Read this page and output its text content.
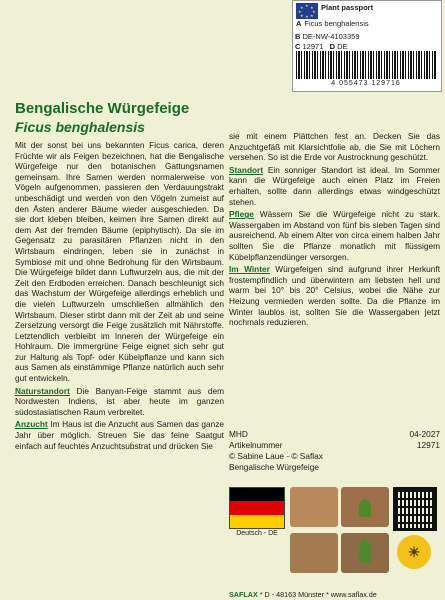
★
★ ★
★	★
★ ★
★
Plant passport
A Ficus benghalensis
4 055473 129716
B DE-NW-4103359
C 12971 D DE
Bengalische Würgefeige
Ficus benghalensis

Mit der sonst bei uns bekannten Ficus carica, deren Früchte wir als Feigen bezeichnen, hat die Bengalische Würgefeige nur den botanischen Gattungsnamen gemeinsam. Ihre Samen werden normalerweise von Vögeln aufgenommen, passieren den Verdauungstrakt unbeschädigt und werden von den Vögeln zumeist auf den Ästen anderer Bäume wieder ausgeschieden. Da sie dort kleben bleiben, keimen ihre Samen direkt auf dem Ast der fremden Bäume (epiphytisch). Da sie im Gegensatz zu parasitären Pflanzen nicht in den Wirtsbaum eindringen, leben sie in zunächst in Symbiose mit und ohne Bedrohung für den Wirtsbaum. Die Würgefeige bildet dann Luftwurzeln aus, die mit der Zeit den Erdboden erreichen. Danach beschleunigt sich das Wachstum der Würgefeige allerdings erheblich und die vielen Luftwurzeln umschließen allmählich den Wirtsbaum. Dieser stirbt dann mit der Zeit ab und seine Zersetzung versorgt die Feige zusätzlich mit Nährstoffe. Letztendlich verbleibt im Inneren der Würgefeige ein Hohlraum. Die immergrüne Feige eignet sich sehr gut zur Haltung als Topf- oder Kübelpflanze und kann sich aus Samen als einstämmige Pflanze natürlich auch sehr gut entwickeln.

Naturstandort Die Banyan-Feige stammt aus dem Nordwesten Indiens, ist aber heute im ganzen südostasiatischen Raum verbreitet.

Anzucht Im Haus ist die Anzucht aus Samen das ganze Jahr über möglich. Streuen Sie das feine Saatgut einfach auf feuchtes Anzuchtsubstrat und drücken Sie

sie mit einem Plättchen fest an. Decken Sie das Anzuchtgefäß mit Klarsichtfolie ab, die Sie mit Löchern versehen. So ist die Erde vor Austrocknung geschützt.

Standort Ein sonniger Standort ist ideal. Im Sommer kann die Würgefeige auch einen Platz im Freien erhalten, sollte dann allerdings etwas windgeschützt stehen.

Pflege Wässern Sie die Würgefeige nicht zu stark. Wassergaben im Abstand von fünf bis sieben Tagen sind ausreichend. Ab einem Alter von circa einem halben Jahr sollten Sie die Pflanze monatlich mit flüssigem Kübelpflanzendünger versorgen.

Im Winter Würgefeigen sind aufgrund ihrer Herkunft frostempfindlich und überwintern am liebsten hell und warm bei 10° bis 20° Celsius, wobei die Nähe zur Heizung vermieden werden sollte. Da die Pflanze im Winter laublos ist, sollten Sie die Wassergaben jetzt nochmals reduzieren.

MHD	04-2027
Artikelnummer	12971
© Sabine Laue - © Saflax
Bengalische Würgefeige
Deutsch - DE
☀
SAFLAX * D - 48163 Münster * www.saflax.de
